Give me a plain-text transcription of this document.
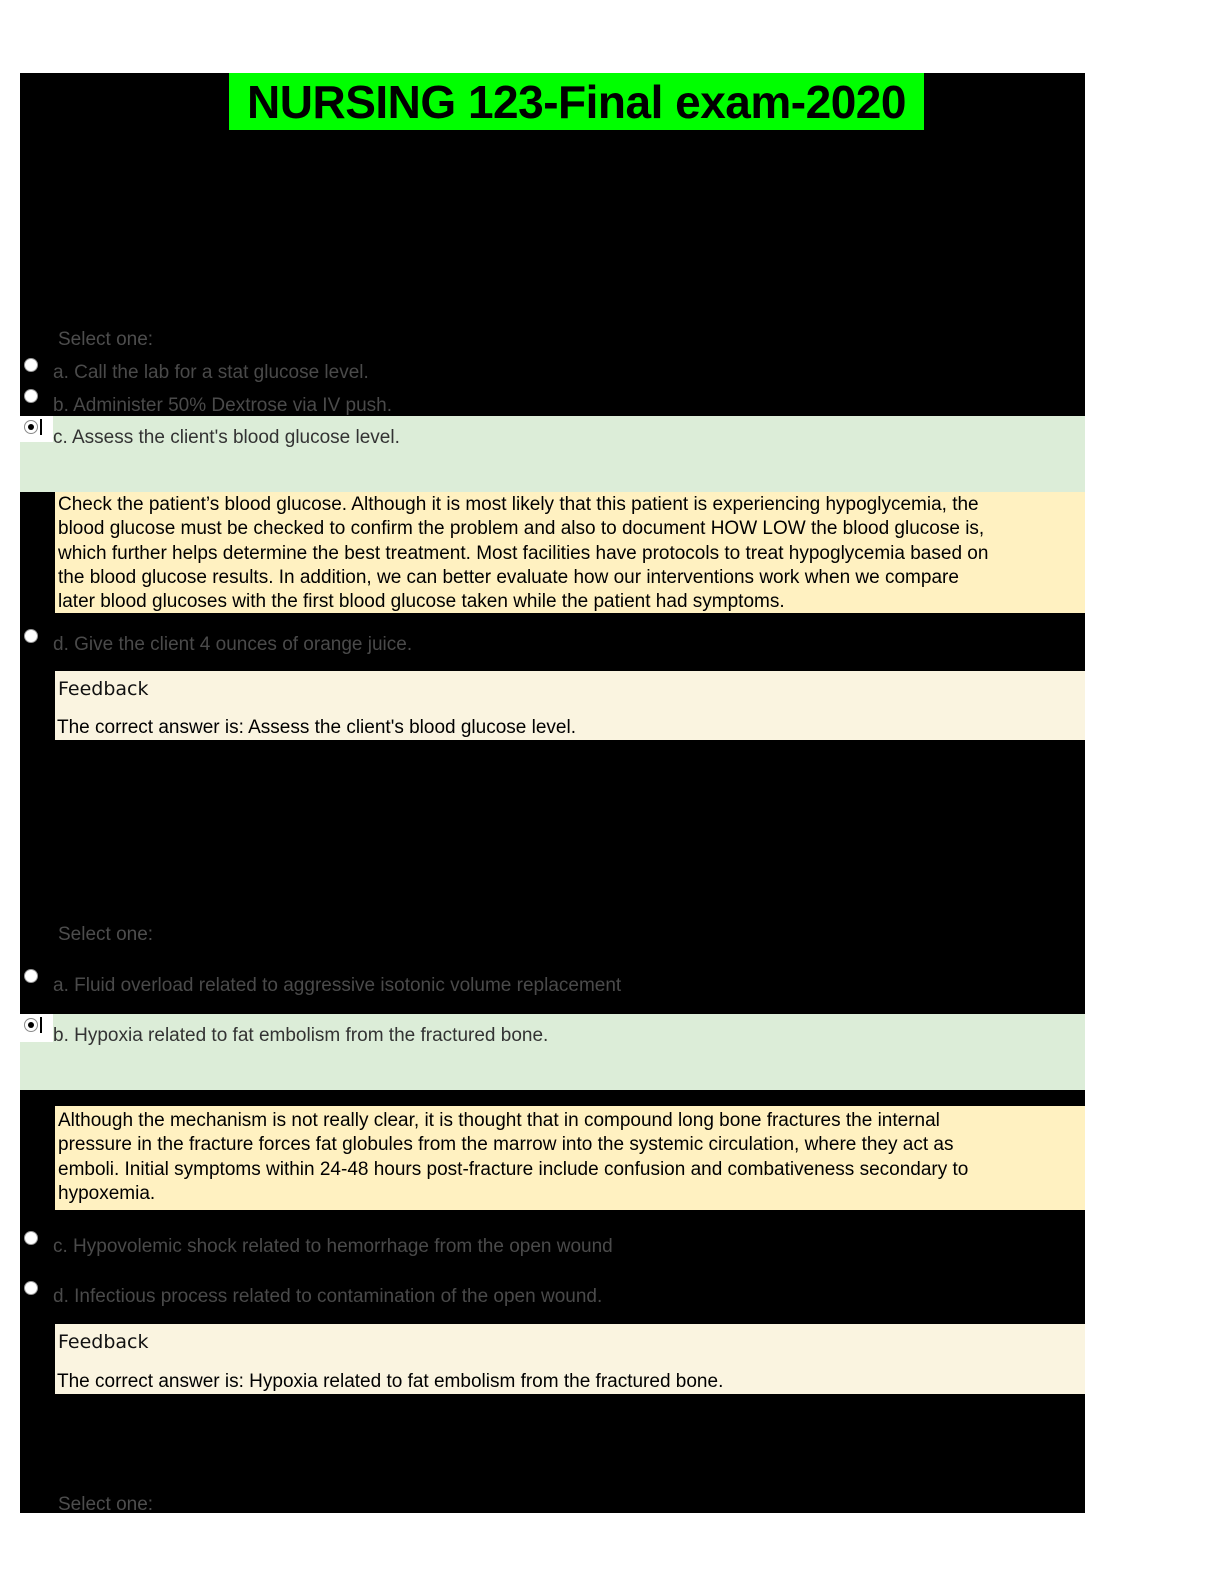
NURSING 123-Final exam-2020
Select one:
a. Call the lab for a stat glucose level.
b. Administer 50% Dextrose via IV push.
c. Assess the client's blood glucose level.
Check the patient’s blood glucose. Although it is most likely that this patient is experiencing hypoglycemia, the
blood glucose must be checked to confirm the problem and also to document HOW LOW the blood glucose is,
which further helps determine the best treatment. Most facilities have protocols to treat hypoglycemia based on
the blood glucose results. In addition, we can better evaluate how our interventions work when we compare
later blood glucoses with the first blood glucose taken while the patient had symptoms.
d. Give the client 4 ounces of orange juice.
Feedback
The correct answer is: Assess the client's blood glucose level.
Select one:
a. Fluid overload related to aggressive isotonic volume replacement
b. Hypoxia related to fat embolism from the fractured bone.
Although the mechanism is not really clear, it is thought that in compound long bone fractures the internal
pressure in the fracture forces fat globules from the marrow into the systemic circulation, where they act as
emboli. Initial symptoms within 24-48 hours post-fracture include confusion and combativeness secondary to
hypoxemia.
c. Hypovolemic shock related to hemorrhage from the open wound
d. Infectious process related to contamination of the open wound.
Feedback
The correct answer is: Hypoxia related to fat embolism from the fractured bone.
Select one:
